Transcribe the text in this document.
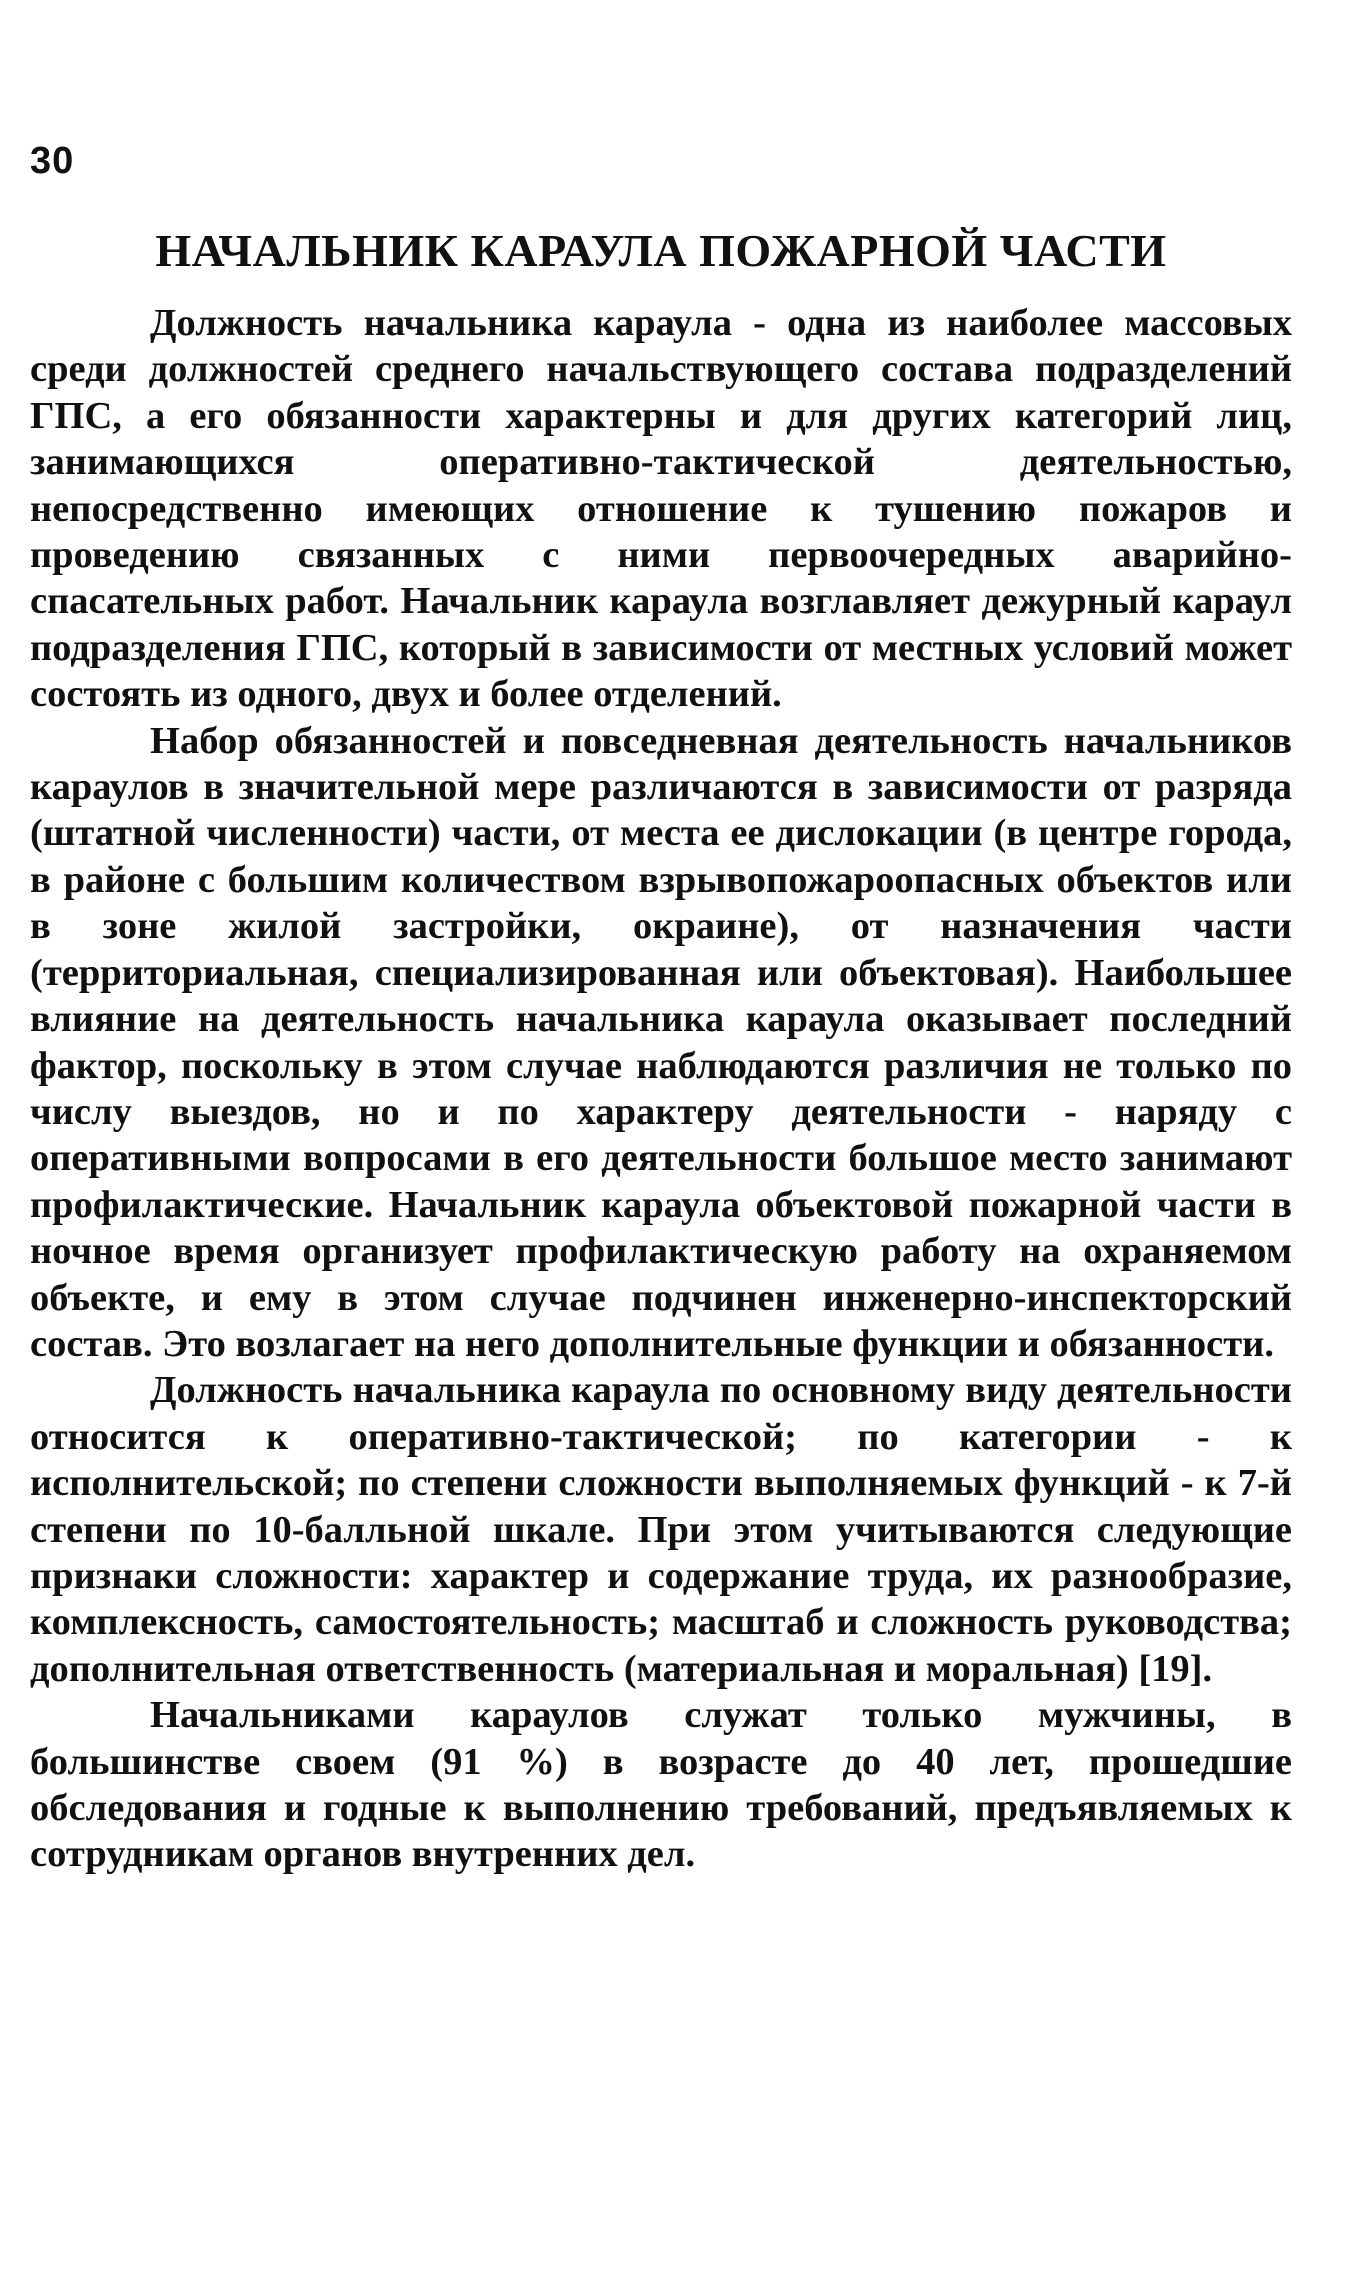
30
НАЧАЛЬНИК КАРАУЛА ПОЖАРНОЙ ЧАСТИ

Должность начальника караула - одна из наиболее массовых среди должностей среднего начальствующего состава подразделений ГПС, а его обязанности характерны и для других категорий лиц, занимающихся оперативно-тактической деятельностью, непосредственно имеющих отношение к тушению пожаров и проведению связанных с ними первоочередных аварийно-спасательных работ. Начальник караула возглавляет дежурный караул подразделения ГПС, который в зависимости от местных условий может состоять из одного, двух и более отделений.

Набор обязанностей и повседневная деятельность начальников караулов в значительной мере различаются в зависимости от разряда (штатной численности) части, от места ее дислокации (в центре города, в районе с большим количеством взрывопожароопасных объектов или в зоне жилой застройки, окраине), от назначения части (территориальная, специализированная или объектовая). Наибольшее влияние на деятельность начальника караула оказывает последний фактор, поскольку в этом случае наблюдаются различия не только по числу выездов, но и по характеру деятельности - наряду с оперативными вопросами в его деятельности большое место занимают профилактические. Начальник караула объектовой пожарной части в ночное время организует профилактическую работу на охраняемом объекте, и ему в этом случае подчинен инженерно-инспекторский состав. Это возлагает на него дополнительные функции и обязанности.

Должность начальника караула по основному виду деятельности относится к оперативно-тактической; по категории - к исполнительской; по степени сложности выполняемых функций - к 7-й степени по 10-балльной шкале. При этом учитываются следующие признаки сложности: характер и содержание труда, их разнообразие, комплексность, самостоятельность; масштаб и сложность руководства; дополнительная ответственность (материальная и моральная) [19].

Начальниками караулов служат только мужчины, в большинстве своем (91 %) в возрасте до 40 лет, прошедшие обследования и годные к выполнению требований, предъявляемых к сотрудникам органов внутренних дел.
